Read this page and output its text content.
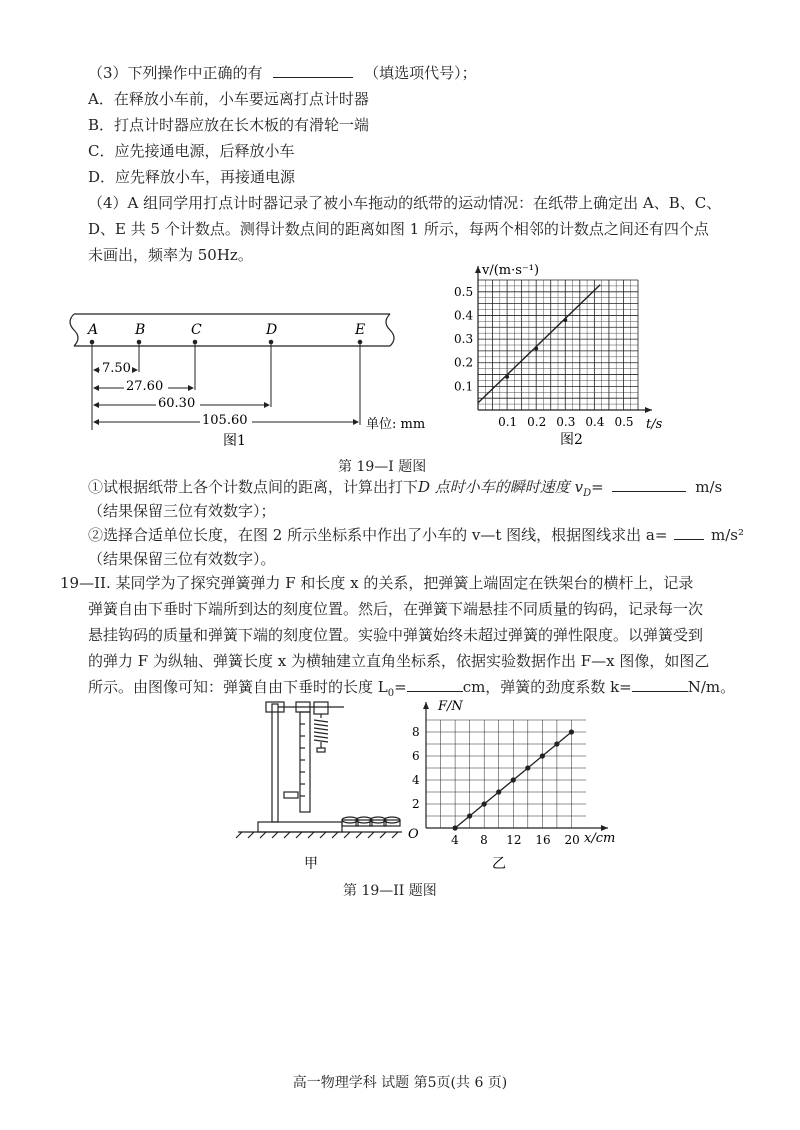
（3）下列操作中正确的有	（填选项代号）；
A．在释放小车前，小车要远离打点计时器
B．打点计时器应放在长木板的有滑轮一端
C．应先接通电源，后释放小车
D．应先释放小车，再接通电源
（4）A 组同学用打点计时器记录了被小车拖动的纸带的运动情况：在纸带上确定出 A、B、C、
D、E 共 5 个计数点。测得计数点间的距离如图 1 所示，每两个相邻的计数点之间还有四个点
未画出，频率为 50Hz。
A	B	C	D	E
7.50
27.60
60.30
105.60	单位: mm
图1
0.1
0.2
0.3
0.4
0.5
0.1 0.2 0.3 0.4 0.5
v/(m·s⁻¹)
t/s
图2
第 19—I 题图
①试根据纸带上各个计数点间的距离，计算出打下D 点时小车的瞬时速度 $v_D=$	m/s
（结果保留三位有效数字）；
②选择合适单位长度，在图 2 所示坐标系中作出了小车的 v—t 图线，根据图线求出 a=	m/s²
（结果保留三位有效数字）。
19—II. 某同学为了探究弹簧弹力 F 和长度 x 的关系，把弹簧上端固定在铁架台的横杆上，记录
弹簧自由下垂时下端所到达的刻度位置。然后，在弹簧下端悬挂不同质量的钩码，记录每一次
悬挂钩码的质量和弹簧下端的刻度位置。实验中弹簧始终未超过弹簧的弹性限度。以弹簧受到
的弹力 F 为纵轴、弹簧长度 x 为横轴建立直角坐标系，依据实验数据作出 F—x 图像，如图乙
所示。由图像可知：弹簧自由下垂时的长度 $L_0=$	cm，弹簧的劲度系数 k=	N/m。
甲
2
4
6
8
4 8 12 16 20
F/N
x/cm
O
乙
第 19—II 题图
高一物理学科 试题 第5页(共 6 页)
